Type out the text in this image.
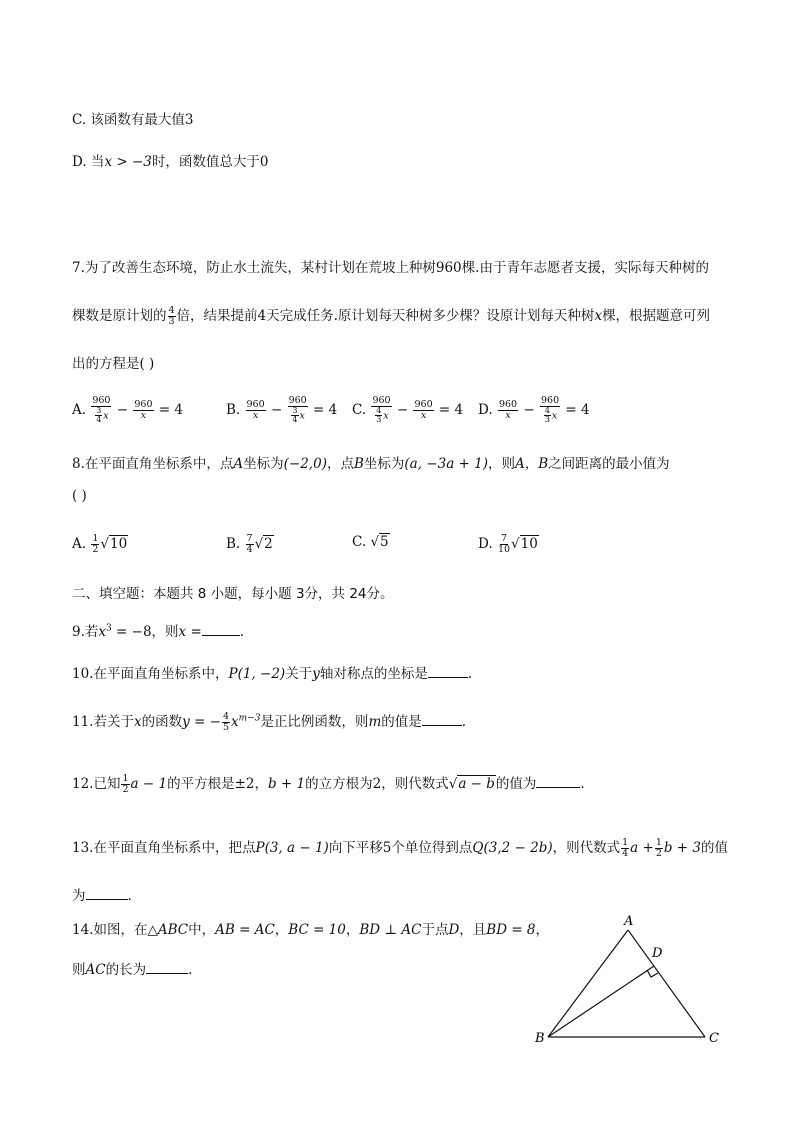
C. 该函数有最大值3
D. 当x > −3时，函数值总大于0
7.为了改善生态环境，防止水土流失，某村计划在荒坡上种树960棵.由于青年志愿者支援，实际每天种树的
棵数是原计划的 $\frac{4}{3}$ 倍，结果提前4天完成任务.原计划每天种树多少棵？设原计划每天种树x棵，根据题意可列
出的方程是( )
A. $\frac{960}{\frac{3}{4} x} - \frac{960}{x} = 4$	B. $\frac{960}{x} - \frac{960}{\frac{3}{4} x} = 4$ C. $\frac{960}{\frac{4}{3} x} - \frac{960}{x} = 4$ D. $\frac{960}{x} - \frac{960}{\frac{4}{3} x} = 4$
8.在平面直角坐标系中，点A坐标为(−2,0)，点B坐标为(a, −3a + 1)，则A，B之间距离的最小值为
( )
A. $\frac{1}{2} √10$	B. $\frac{7}{4} √2$	C. √5	D. $\frac{7}{10} √10$
二、填空题：本题共 8 小题，每小题 3分，共 24分。
9.若$x^3 = -8$，则x =	.
10.在平面直角坐标系中，P(1, −2)关于y轴对称点的坐标是	.
11.若关于x的函数y = − $\frac{4}{5} x^{m-3}$是正比例函数，则m的值是	.
12.已知 $\frac{1}{2}$ a − 1的平方根是±2，b + 1的立方根为2，则代数式√a − b的值为	.
13.在平面直角坐标系中，把点P(3, a − 1)向下平移5个单位得到点Q(3,2 − 2b)，则代数式 $\frac{1}{4}$ $a + \frac{1}{2}$ b + 3的值
为	.
14.如图，在△ABC中，AB = AC，BC = 10，BD ⊥ AC于点D，且BD = 8，
则AC的长为	.
A
B	C
D
